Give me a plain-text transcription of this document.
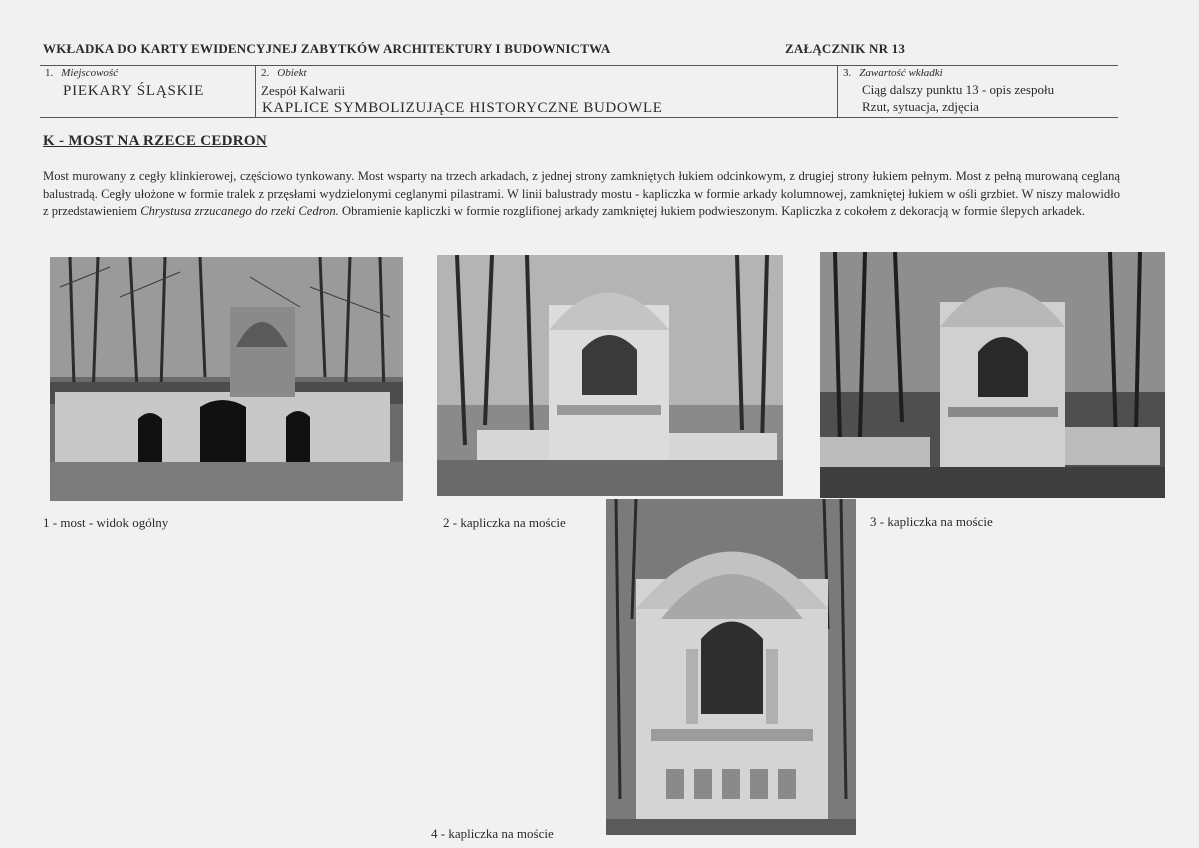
WKŁADKA DO KARTY EWIDENCYJNEJ ZABYTKÓW ARCHITEKTURY I BUDOWNICTWA	ZAŁĄCZNIK NR 13
1. Miejscowość
PIEKARY ŚLĄSKIE
2. Obiekt
Zespół Kalwarii
KAPLICE SYMBOLIZUJĄCE HISTORYCZNE BUDOWLE
3. Zawartość wkładki
Ciąg dalszy punktu 13 - opis zespołu
Rzut, sytuacja, zdjęcia
K - MOST NA RZECE CEDRON
Most murowany z cegły klinkierowej, częściowo tynkowany. Most wsparty na trzech arkadach, z jednej strony zamkniętych łukiem odcinkowym, z drugiej strony łukiem pełnym. Most z pełną murowaną ceglaną balustradą. Cegły ułożone w formie tralek z przęsłami wydzielonymi ceglanymi pilastrami. W linii balustrady mostu - kapliczka w formie arkady kolumnowej, zamkniętej łukiem w ośli grzbiet. W niszy malowidło z przedstawieniem Chrystusa zrzucanego do rzeki Cedron. Obramienie kapliczki w formie rozglifionej arkady zamkniętej łukiem podwieszonym. Kapliczka z cokołem z dekoracją w formie ślepych arkadek.
1 - most - widok ogólny	2 - kapliczka na moście	3 - kapliczka na moście
4 - kapliczka na moście
